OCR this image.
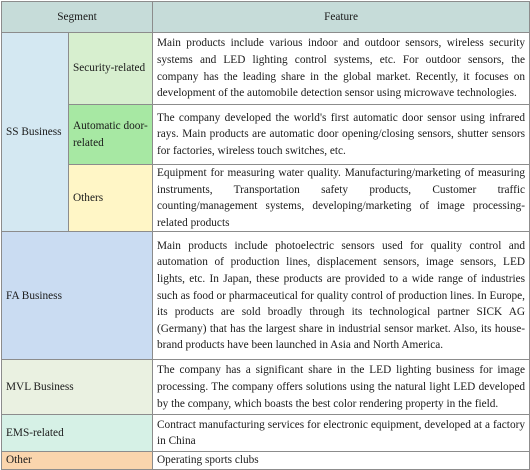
Segment		Feature
SS Business	Security-related	Main products include various indoor and outdoor sensors, wireless security systems and LED lighting control systems, etc. For outdoor sensors, the company has the leading share in the global market. Recently, it focuses on development of the automobile detection sensor using microwave technologies.
	Automatic door-related	The company developed the world's first automatic door sensor using infrared rays. Main products are automatic door opening/closing sensors, shutter sensors for factories, wireless touch switches, etc.
	Others	Equipment for measuring water quality. Manufacturing/marketing of measuring instruments, Transportation safety products, Customer traffic counting/management systems, developing/marketing of image processing-related products
FA Business		Main products include photoelectric sensors used for quality control and automation of production lines, displacement sensors, image sensors, LED lights, etc. In Japan, these products are provided to a wide range of industries such as food or pharmaceutical for quality control of production lines. In Europe, its products are sold broadly through its technological partner SICK AG (Germany) that has the largest share in industrial sensor market. Also, its house-brand products have been launched in Asia and North America.
MVL Business		The company has a significant share in the LED lighting business for image processing. The company offers solutions using the natural light LED developed by the company, which boasts the best color rendering property in the field.
EMS-related		Contract manufacturing services for electronic equipment, developed at a factory in China
Other		Operating sports clubs
